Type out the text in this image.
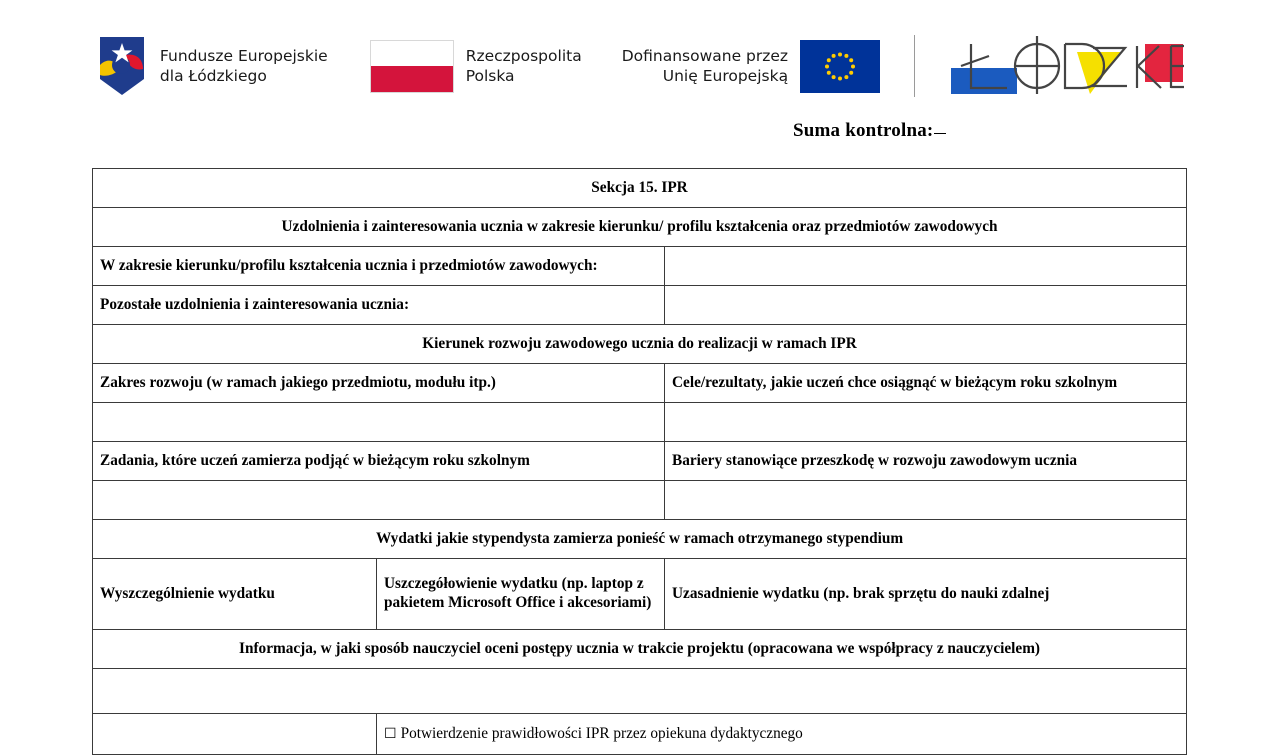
Fundusze Europejskie
dla Łódzkiego
Rzeczpospolita
Polska
Dofinansowane przez
Unię Europejską
Suma kontrolna:
Sekcja 15. IPR		
Uzdolnienia i zainteresowania ucznia w zakresie kierunku/ profilu kształcenia oraz przedmiotów zawodowych		
W zakresie kierunku/profilu kształcenia ucznia i przedmiotów zawodowych:		
Pozostałe uzdolnienia i zainteresowania ucznia:		
Kierunek rozwoju zawodowego ucznia do realizacji w ramach IPR		
Zakres rozwoju (w ramach jakiego przedmiotu, modułu itp.)		Cele/rezultaty, jakie uczeń chce osiągnąć w bieżącym roku szkolnym

Zadania, które uczeń zamierza podjąć w bieżącym roku szkolnym		Bariery stanowiące przeszkodę w rozwoju zawodowym ucznia

Wydatki jakie stypendysta zamierza ponieść w ramach otrzymanego stypendium		
Wyszczególnienie wydatku	Uszczegółowienie wydatku (np. laptop z pakietem Microsoft Office i akcesoriami)	Uzasadnienie wydatku (np. brak sprzętu do nauki zdalnej
Informacja, w jaki sposób nauczyciel oceni postępy ucznia w trakcie projektu (opracowana we współpracy z nauczycielem)		

	☐ Potwierdzenie prawidłowości IPR przez opiekuna dydaktycznego	
